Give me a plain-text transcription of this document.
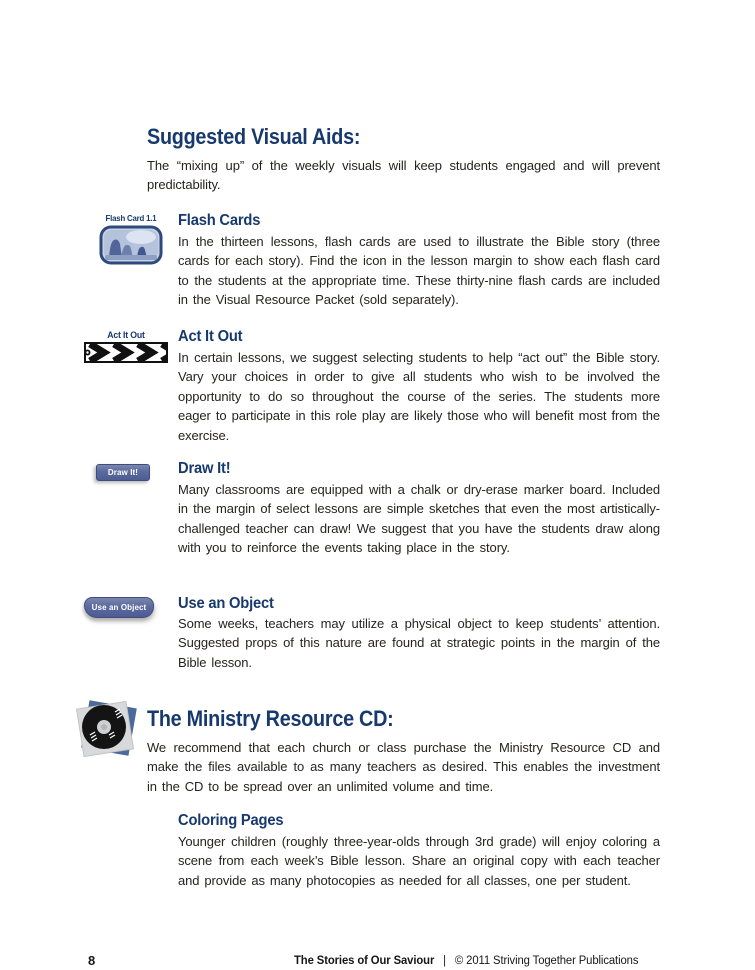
Suggested Visual Aids:
The “mixing up” of the weekly visuals will keep students engaged and will prevent predictability.
Flash Card 1.1	Flash Cards
In the thirteen lessons, flash cards are used to illustrate the Bible story (three cards for each story). Find the icon in the lesson margin to show each flash card to the students at the appropriate time. These thirty-nine flash cards are included in the Visual Resource Packet (sold separately).
Act It Out	Act It Out
In certain lessons, we suggest selecting students to help “act out” the Bible story. Vary your choices in order to give all students who wish to be involved the opportunity to do so throughout the course of the series. The students more eager to participate in this role play are likely those who will benefit most from the exercise.
Draw It!	Draw It!
Many classrooms are equipped with a chalk or dry-erase marker board. Included in the margin of select lessons are simple sketches that even the most artistically-challenged teacher can draw! We suggest that you have the students draw along with you to reinforce the events taking place in the story.
Use an Object Use an Object
Some weeks, teachers may utilize a physical object to keep students’ attention. Suggested props of this nature are found at strategic points in the margin of the Bible lesson.
The Ministry Resource CD:
We recommend that each church or class purchase the Ministry Resource CD and make the files available to as many teachers as desired. This enables the investment in the CD to be spread over an unlimited volume and time.
Coloring Pages
Younger children (roughly three-year-olds through 3rd grade) will enjoy coloring a scene from each week’s Bible lesson. Share an original copy with each teacher and provide as many photocopies as needed for all classes, one per student.
8	The Stories of Our Saviour | © 2011 Striving Together Publications
